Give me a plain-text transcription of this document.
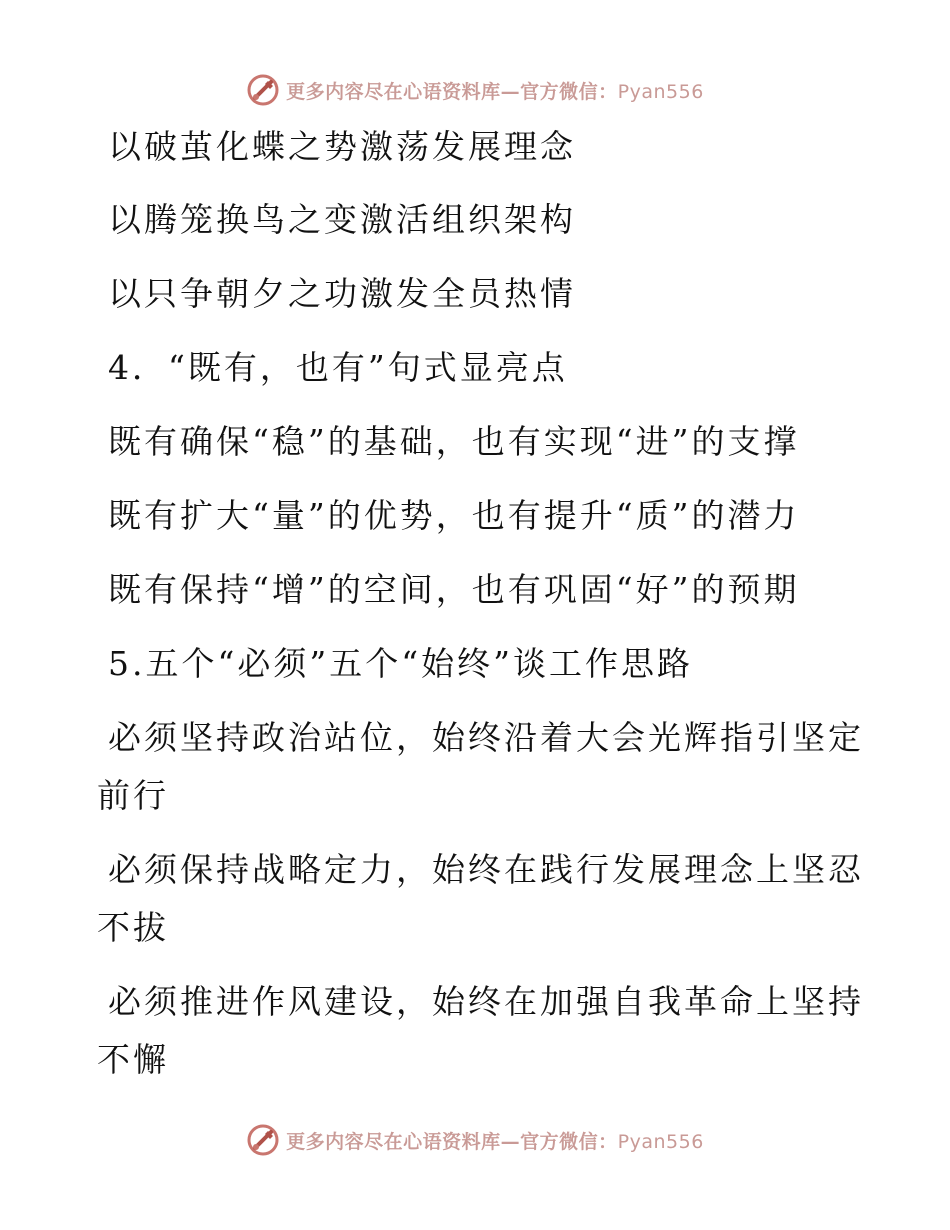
更多内容尽在心语资料库—官方微信：Pyan556
以破茧化蝶之势激荡发展理念
以腾笼换鸟之变激活组织架构
以只争朝夕之功激发全员热情
4．“既有，也有”句式显亮点
既有确保“稳”的基础，也有实现“进”的支撑
既有扩大“量”的优势，也有提升“质”的潜力
既有保持“增”的空间，也有巩固“好”的预期
5.五个“必须”五个“始终”谈工作思路
必须坚持政治站位，始终沿着大会光辉指引坚定
前行
必须保持战略定力，始终在践行发展理念上坚忍
不拔
必须推进作风建设，始终在加强自我革命上坚持
不懈
更多内容尽在心语资料库—官方微信：Pyan556
